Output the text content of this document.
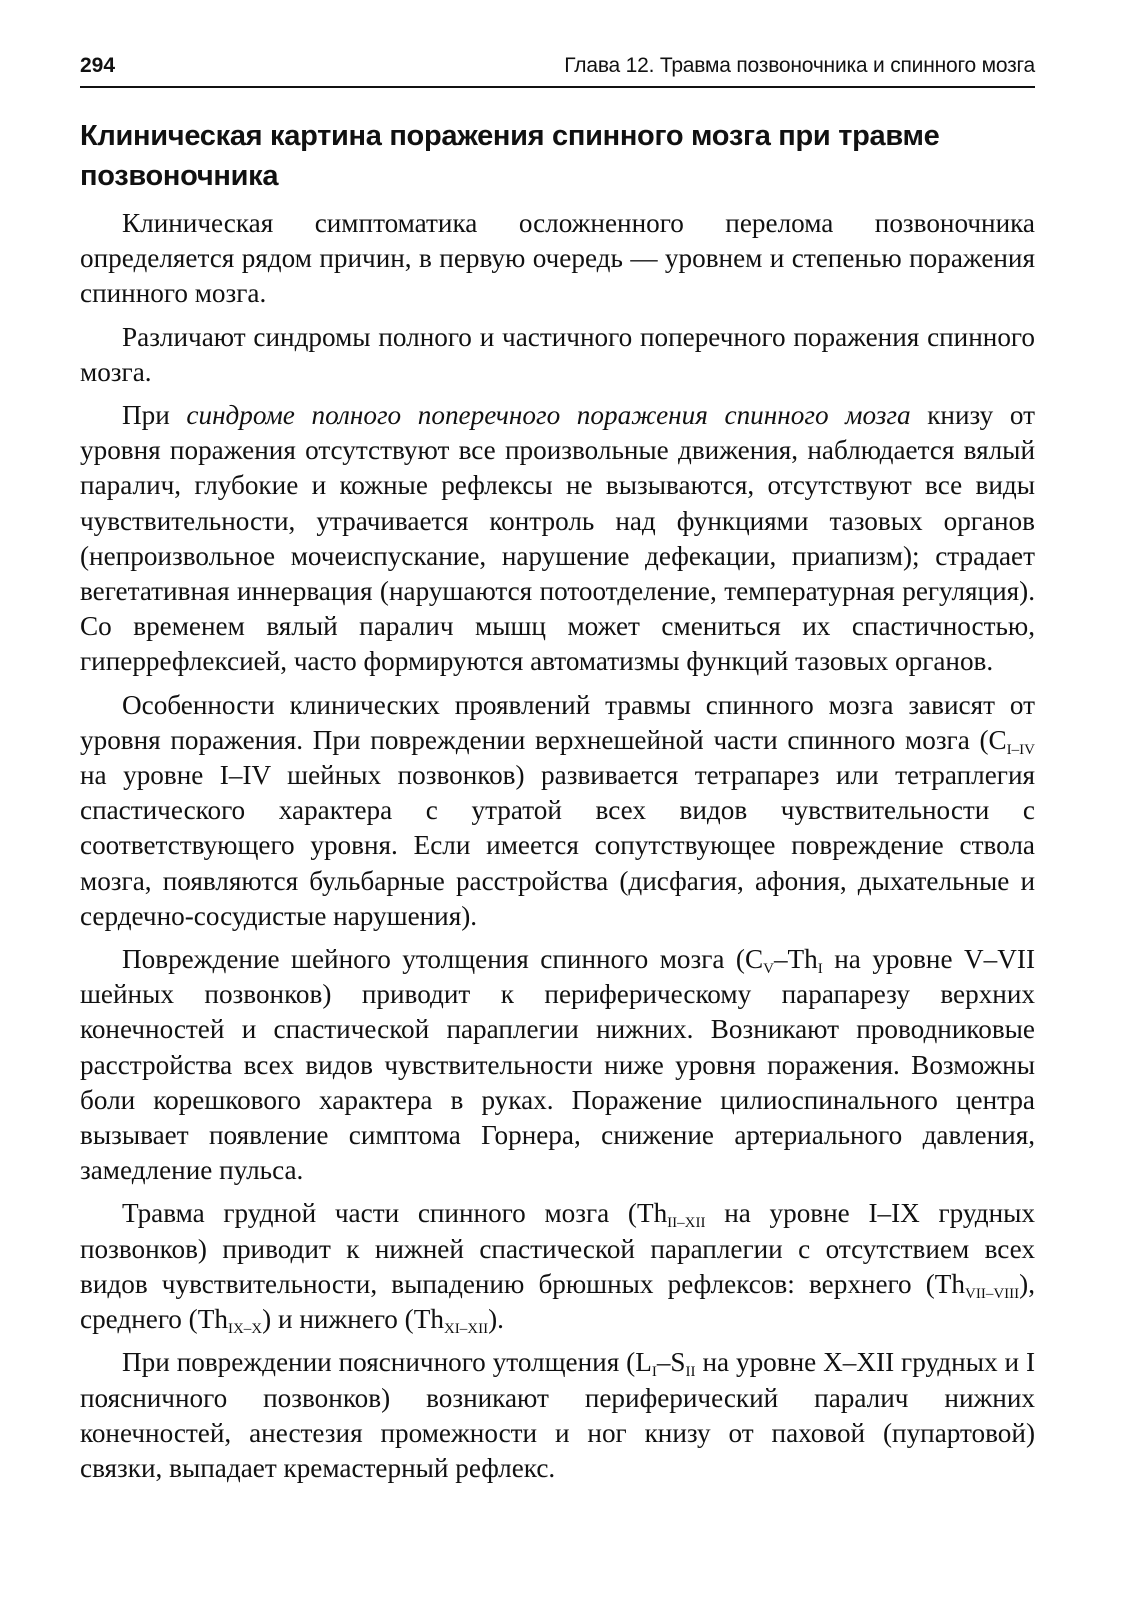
294	Глава 12. Травма позвоночника и спинного мозга
Клиническая картина поражения спинного мозга при травме позвоночника

Клиническая симптоматика осложненного перелома позвоночника определяется рядом причин, в первую очередь — уровнем и степенью поражения спинного мозга.

Различают синдромы полного и частичного поперечного поражения спинного мозга.

При синдроме полного поперечного поражения спинного мозга книзу от уровня поражения отсутствуют все произвольные движения, наблюдается вялый паралич, глубокие и кожные рефлексы не вызываются, отсутствуют все виды чувствительности, утрачивается контроль над функциями тазовых органов (непроизвольное мочеиспускание, нарушение дефекации, приапизм); страдает вегетативная иннервация (нарушаются потоотделение, температурная регуляция). Со временем вялый паралич мышц может смениться их спастичностью, гиперрефлексией, часто формируются автоматизмы функций тазовых органов.

Особенности клинических проявлений травмы спинного мозга зависят от уровня поражения. При повреждении верхнешейной части спинного мозга ($C_{I-IV}$ на уровне I–IV шейных позвонков) развивается тетрапарез или тетраплегия спастического характера с утратой всех видов чувствительности с соответствующего уровня. Если имеется сопутствующее повреждение ствола мозга, появляются бульбарные расстройства (дисфагия, афония, дыхательные и сердечно-сосудистые нарушения).

Повреждение шейного утолщения спинного мозга ($C_V-Th_I$ на уровне V–VII шейных позвонков) приводит к периферическому парапарезу верхних конечностей и спастической параплегии нижних. Возникают проводниковые расстройства всех видов чувствительности ниже уровня поражения. Возможны боли корешкового характера в руках. Поражение цилиоспинального центра вызывает появление симптома Горнера, снижение артериального давления, замедление пульса.

Травма грудной части спинного мозга ($Th_{II-XII}$ на уровне I–IX грудных позвонков) приводит к нижней спастической параплегии с отсутствием всех видов чувствительности, выпадению брюшных рефлексов: верхнего $(Th_{VII-VIII})$, среднего $(Th_{IX-X})$ и нижнего $(Th_{XI-XII})$.

При повреждении поясничного утолщения ($L_I-S_{II}$ на уровне X–XII грудных и I поясничного позвонков) возникают периферический паралич нижних конечностей, анестезия промежности и ног книзу от паховой (пупартовой) связки, выпадает кремастерный рефлекс.
